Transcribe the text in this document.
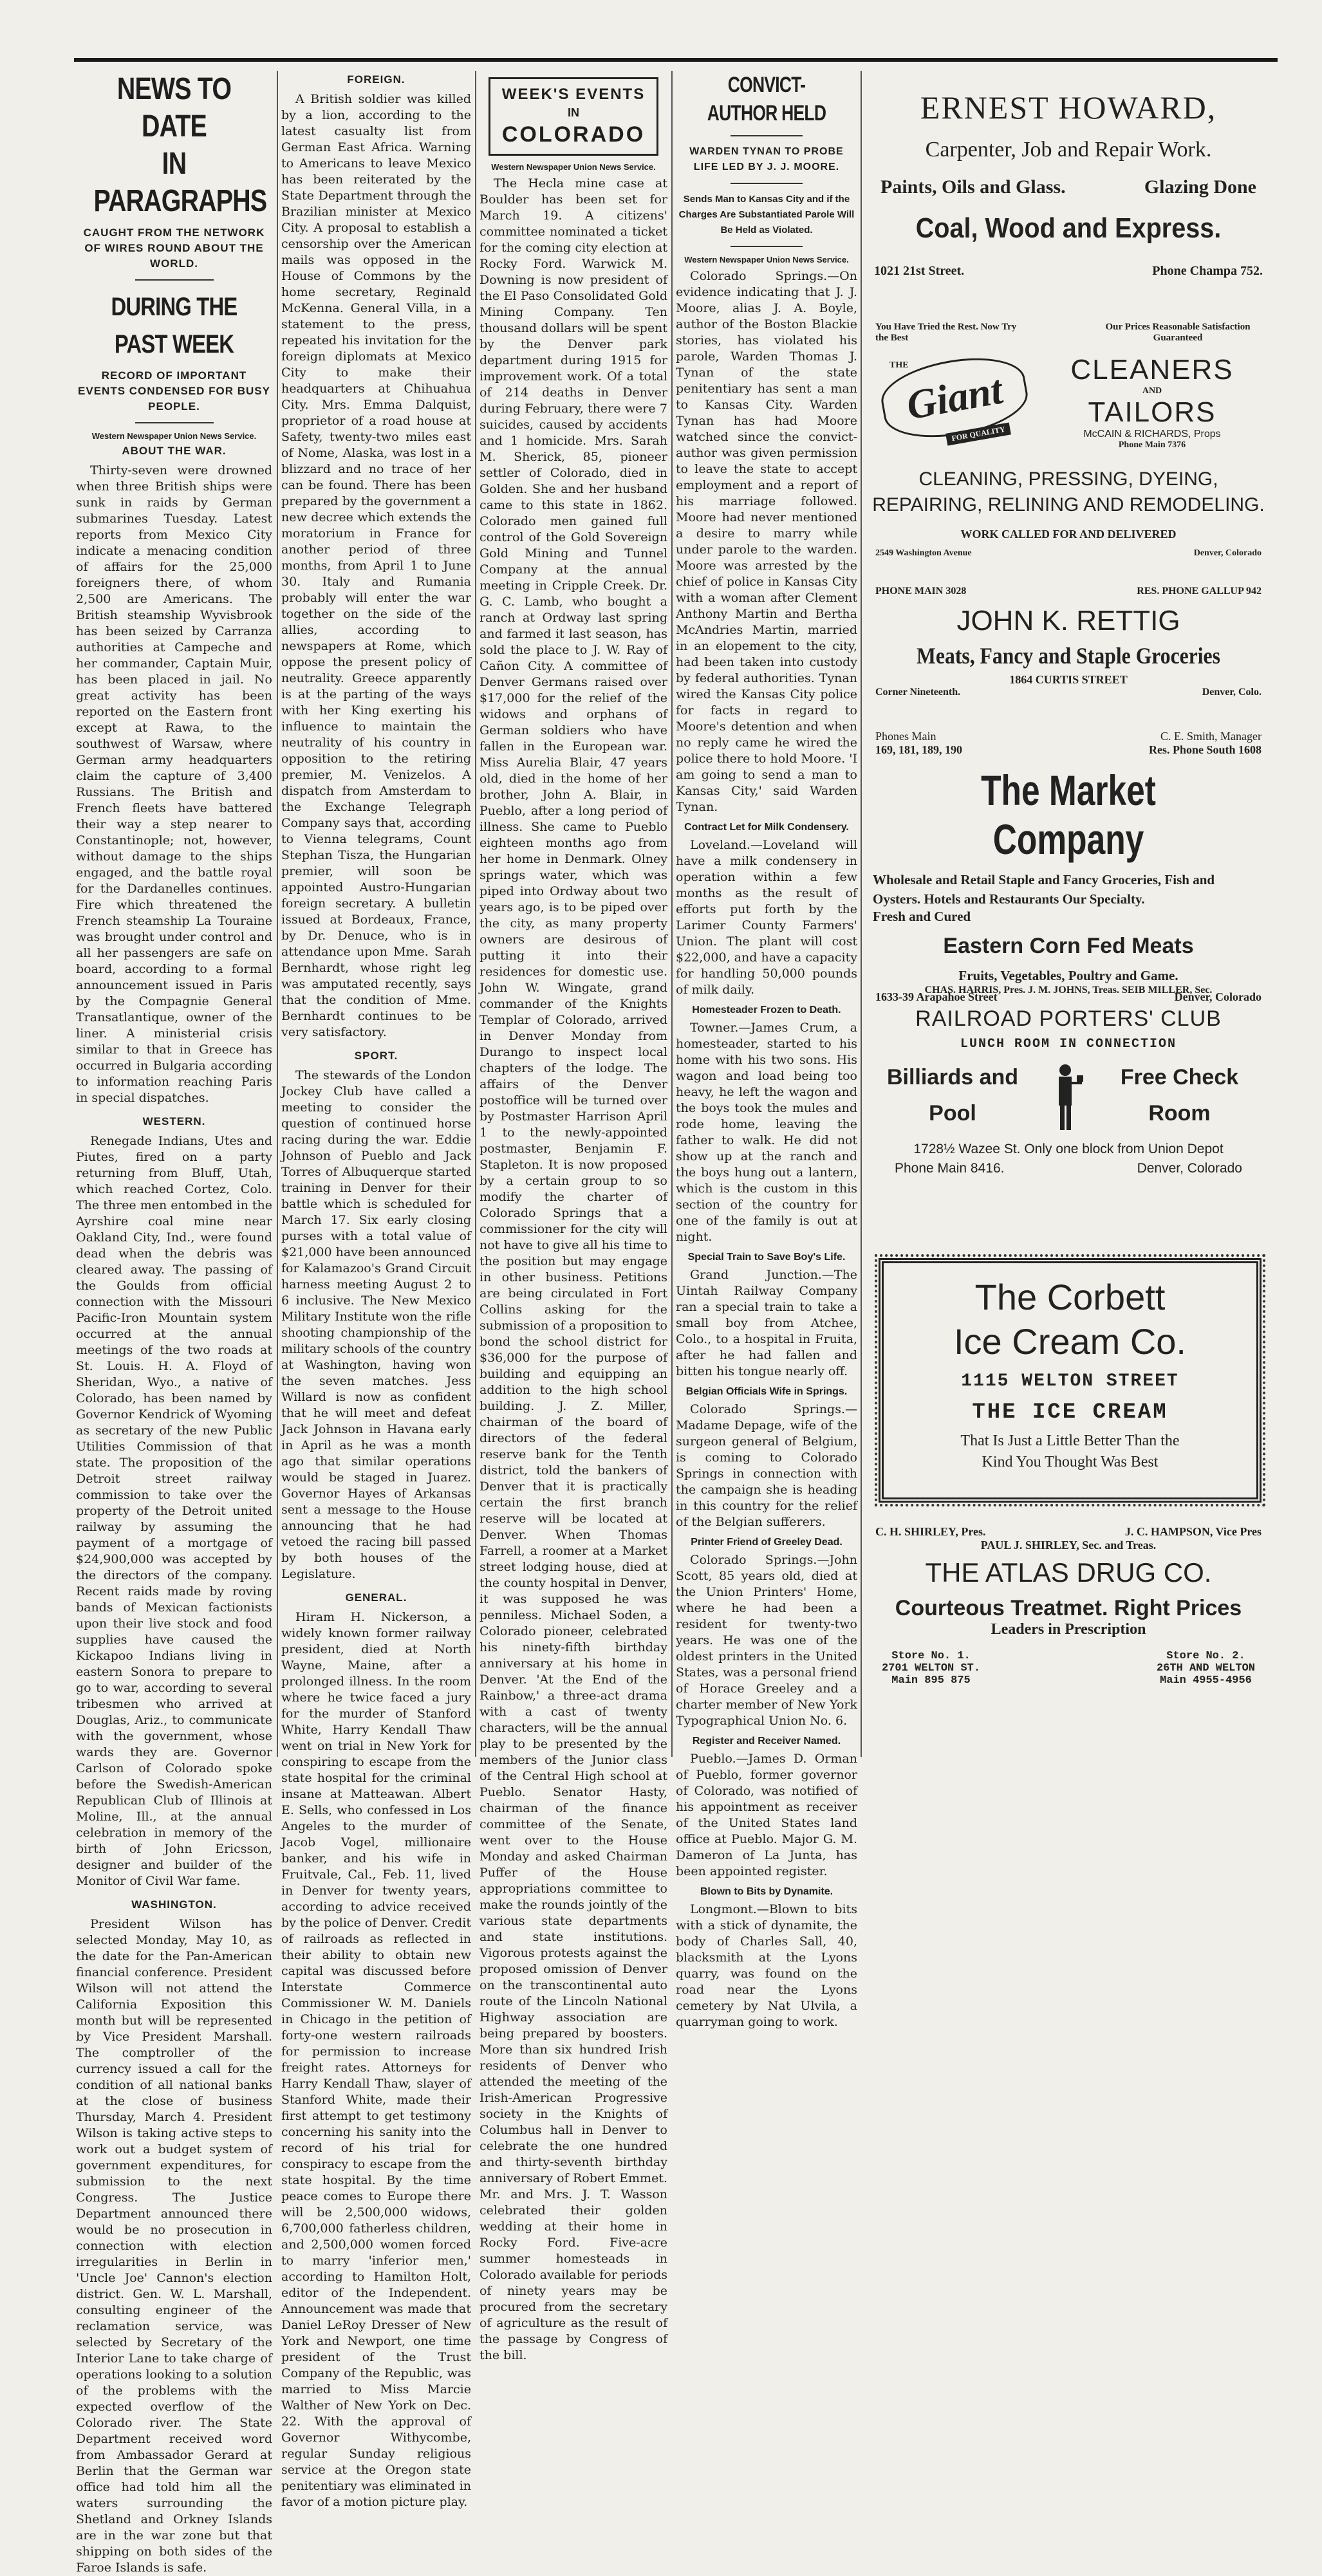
NEWS TO DATE
IN PARAGRAPHS
CAUGHT FROM THE NETWORK OF WIRES ROUND ABOUT THE WORLD.
DURING THE PAST WEEK
RECORD OF IMPORTANT EVENTS CONDENSED FOR BUSY PEOPLE.
Western Newspaper Union News Service.
ABOUT THE WAR.

Thirty-seven were drowned when three British ships were sunk in raids by German submarines Tuesday. Latest reports from Mexico City indicate a menacing condition of affairs for the 25,000 foreigners there, of whom 2,500 are Americans. The British steamship Wyvisbrook has been seized by Carranza authorities at Campeche and her commander, Captain Muir, has been placed in jail. No great activity has been reported on the Eastern front except at Rawa, to the southwest of Warsaw, where German army headquarters claim the capture of 3,400 Russians. The British and French fleets have battered their way a step nearer to Constantinople; not, however, without damage to the ships engaged, and the battle royal for the Dardanelles continues. Fire which threatened the French steamship La Touraine was brought under control and all her passengers are safe on board, according to a formal announcement issued in Paris by the Compagnie General Transatlantique, owner of the liner. A ministerial crisis similar to that in Greece has occurred in Bulgaria according to information reaching Paris in special dispatches.

WESTERN.

Renegade Indians, Utes and Piutes, fired on a party returning from Bluff, Utah, which reached Cortez, Colo. The three men entombed in the Ayrshire coal mine near Oakland City, Ind., were found dead when the debris was cleared away. The passing of the Goulds from official connection with the Missouri Pacific-Iron Mountain system occurred at the annual meetings of the two roads at St. Louis. H. A. Floyd of Sheridan, Wyo., a native of Colorado, has been named by Governor Kendrick of Wyoming as secretary of the new Public Utilities Commission of that state. The proposition of the Detroit street railway commission to take over the property of the Detroit united railway by assuming the payment of a mortgage of $24,900,000 was accepted by the directors of the company. Recent raids made by roving bands of Mexican factionists upon their live stock and food supplies have caused the Kickapoo Indians living in eastern Sonora to prepare to go to war, according to several tribesmen who arrived at Douglas, Ariz., to communicate with the government, whose wards they are. Governor Carlson of Colorado spoke before the Swedish-American Republican Club of Illinois at Moline, Ill., at the annual celebration in memory of the birth of John Ericsson, designer and builder of the Monitor of Civil War fame.

WASHINGTON.

President Wilson has selected Monday, May 10, as the date for the Pan-American financial conference. President Wilson will not attend the California Exposition this month but will be represented by Vice President Marshall. The comptroller of the currency issued a call for the condition of all national banks at the close of business Thursday, March 4. President Wilson is taking active steps to work out a budget system of government expenditures, for submission to the next Congress. The Justice Department announced there would be no prosecution in connection with election irregularities in Berlin in 'Uncle Joe' Cannon's election district. Gen. W. L. Marshall, consulting engineer of the reclamation service, was selected by Secretary of the Interior Lane to take charge of operations looking to a solution of the problems with the expected overflow of the Colorado river. The State Department received word from Ambassador Gerard at Berlin that the German war office had told him all the waters surrounding the Shetland and Orkney Islands are in the war zone but that shipping on both sides of the Faroe Islands is safe.

FOREIGN.

A British soldier was killed by a lion, according to the latest casualty list from German East Africa. Warning to Americans to leave Mexico has been reiterated by the State Department through the Brazilian minister at Mexico City. A proposal to establish a censorship over the American mails was opposed in the House of Commons by the home secretary, Reginald McKenna. General Villa, in a statement to the press, repeated his invitation for the foreign diplomats at Mexico City to make their headquarters at Chihuahua City. Mrs. Emma Dalquist, proprietor of a road house at Safety, twenty-two miles east of Nome, Alaska, was lost in a blizzard and no trace of her can be found. There has been prepared by the government a new decree which extends the moratorium in France for another period of three months, from April 1 to June 30. Italy and Rumania probably will enter the war together on the side of the allies, according to newspapers at Rome, which oppose the present policy of neutrality. Greece apparently is at the parting of the ways with her King exerting his influence to maintain the neutrality of his country in opposition to the retiring premier, M. Venizelos. A dispatch from Amsterdam to the Exchange Telegraph Company says that, according to Vienna telegrams, Count Stephan Tisza, the Hungarian premier, will soon be appointed Austro-Hungarian foreign secretary. A bulletin issued at Bordeaux, France, by Dr. Denuce, who is in attendance upon Mme. Sarah Bernhardt, whose right leg was amputated recently, says that the condition of Mme. Bernhardt continues to be very satisfactory.

SPORT.

The stewards of the London Jockey Club have called a meeting to consider the question of continued horse racing during the war. Eddie Johnson of Pueblo and Jack Torres of Albuquerque started training in Denver for their battle which is scheduled for March 17. Six early closing purses with a total value of $21,000 have been announced for Kalamazoo's Grand Circuit harness meeting August 2 to 6 inclusive. The New Mexico Military Institute won the rifle shooting championship of the military schools of the country at Washington, having won the seven matches. Jess Willard is now as confident that he will meet and defeat Jack Johnson in Havana early in April as he was a month ago that similar operations would be staged in Juarez. Governor Hayes of Arkansas sent a message to the House announcing that he had vetoed the racing bill passed by both houses of the Legislature.

GENERAL.

Hiram H. Nickerson, a widely known former railway president, died at North Wayne, Maine, after a prolonged illness. In the room where he twice faced a jury for the murder of Stanford White, Harry Kendall Thaw went on trial in New York for conspiring to escape from the state hospital for the criminal insane at Matteawan. Albert E. Sells, who confessed in Los Angeles to the murder of Jacob Vogel, millionaire banker, and his wife in Fruitvale, Cal., Feb. 11, lived in Denver for twenty years, according to advice received by the police of Denver. Credit of railroads as reflected in their ability to obtain new capital was discussed before Interstate Commerce Commissioner W. M. Daniels in Chicago in the petition of forty-one western railroads for permission to increase freight rates. Attorneys for Harry Kendall Thaw, slayer of Stanford White, made their first attempt to get testimony concerning his sanity into the record of his trial for conspiracy to escape from the state hospital. By the time peace comes to Europe there will be 2,500,000 widows, 6,700,000 fatherless children, and 2,500,000 women forced to marry 'inferior men,' according to Hamilton Holt, editor of the Independent. Announcement was made that Daniel LeRoy Dresser of New York and Newport, one time president of the Trust Company of the Republic, was married to Miss Marcie Walther of New York on Dec. 22. With the approval of Governor Withycombe, regular Sunday religious service at the Oregon state penitentiary was eliminated in favor of a motion picture play.

WEEK'S EVENTS
IN
COLORADO
Western Newspaper Union News Service.

The Hecla mine case at Boulder has been set for March 19. A citizens' committee nominated a ticket for the coming city election at Rocky Ford. Warwick M. Downing is now president of the El Paso Consolidated Gold Mining Company. Ten thousand dollars will be spent by the Denver park department during 1915 for improvement work. Of a total of 214 deaths in Denver during February, there were 7 suicides, caused by accidents and 1 homicide. Mrs. Sarah M. Sherick, 85, pioneer settler of Colorado, died in Golden. She and her husband came to this state in 1862. Colorado men gained full control of the Gold Sovereign Gold Mining and Tunnel Company at the annual meeting in Cripple Creek. Dr. G. C. Lamb, who bought a ranch at Ordway last spring and farmed it last season, has sold the place to J. W. Ray of Cañon City. A committee of Denver Germans raised over $17,000 for the relief of the widows and orphans of German soldiers who have fallen in the European war. Miss Aurelia Blair, 47 years old, died in the home of her brother, John A. Blair, in Pueblo, after a long period of illness. She came to Pueblo eighteen months ago from her home in Denmark. Olney springs water, which was piped into Ordway about two years ago, is to be piped over the city, as many property owners are desirous of putting it into their residences for domestic use. John W. Wingate, grand commander of the Knights Templar of Colorado, arrived in Denver Monday from Durango to inspect local chapters of the lodge. The affairs of the Denver postoffice will be turned over by Postmaster Harrison April 1 to the newly-appointed postmaster, Benjamin F. Stapleton. It is now proposed by a certain group to so modify the charter of Colorado Springs that a commissioner for the city will not have to give all his time to the position but may engage in other business. Petitions are being circulated in Fort Collins asking for the submission of a proposition to bond the school district for $36,000 for the purpose of building and equipping an addition to the high school building. J. Z. Miller, chairman of the board of directors of the federal reserve bank for the Tenth district, told the bankers of Denver that it is practically certain the first branch reserve will be located at Denver. When Thomas Farrell, a roomer at a Market street lodging house, died at the county hospital in Denver, it was supposed he was penniless. Michael Soden, a Colorado pioneer, celebrated his ninety-fifth birthday anniversary at his home in Denver. 'At the End of the Rainbow,' a three-act drama with a cast of twenty characters, will be the annual play to be presented by the members of the Junior class of the Central High school at Pueblo. Senator Hasty, chairman of the finance committee of the Senate, went over to the House Monday and asked Chairman Puffer of the House appropriations committee to make the rounds jointly of the various state departments and state institutions. Vigorous protests against the proposed omission of Denver on the transcontinental auto route of the Lincoln National Highway association are being prepared by boosters. More than six hundred Irish residents of Denver who attended the meeting of the Irish-American Progressive society in the Knights of Columbus hall in Denver to celebrate the one hundred and thirty-seventh birthday anniversary of Robert Emmet. Mr. and Mrs. J. T. Wasson celebrated their golden wedding at their home in Rocky Ford. Five-acre summer homesteads in Colorado available for periods of ninety years may be procured from the secretary of agriculture as the result of the passage by Congress of the bill.

CONVICT-AUTHOR HELD
WARDEN TYNAN TO PROBE LIFE LED BY J. J. MOORE.
Sends Man to Kansas City and if the Charges Are Substantiated Parole Will Be Held as Violated.
Western Newspaper Union News Service.

Colorado Springs.—On evidence indicating that J. J. Moore, alias J. A. Boyle, author of the Boston Blackie stories, has violated his parole, Warden Thomas J. Tynan of the state penitentiary has sent a man to Kansas City. Warden Tynan has had Moore watched since the convict-author was given permission to leave the state to accept employment and a report of his marriage followed. Moore had never mentioned a desire to marry while under parole to the warden. Moore was arrested by the chief of police in Kansas City with a woman after Clement Anthony Martin and Bertha McAndries Martin, married in an elopement to the city, had been taken into custody by federal authorities. Tynan wired the Kansas City police for facts in regard to Moore's detention and when no reply came he wired the police there to hold Moore. 'I am going to send a man to Kansas City,' said Warden Tynan.

Contract Let for Milk Condensery.

Loveland.—Loveland will have a milk condensery in operation within a few months as the result of efforts put forth by the Larimer County Farmers' Union. The plant will cost $22,000, and have a capacity for handling 50,000 pounds of milk daily.

Homesteader Frozen to Death.

Towner.—James Crum, a homesteader, started to his home with his two sons. His wagon and load being too heavy, he left the wagon and the boys took the mules and rode home, leaving the father to walk. He did not show up at the ranch and the boys hung out a lantern, which is the custom in this section of the country for one of the family is out at night.

Special Train to Save Boy's Life.

Grand Junction.—The Uintah Railway Company ran a special train to take a small boy from Atchee, Colo., to a hospital in Fruita, after he had fallen and bitten his tongue nearly off.

Belgian Officials Wife in Springs.

Colorado Springs.—Madame Depage, wife of the surgeon general of Belgium, is coming to Colorado Springs in connection with the campaign she is heading in this country for the relief of the Belgian sufferers.

Printer Friend of Greeley Dead.

Colorado Springs.—John Scott, 85 years old, died at the Union Printers' Home, where he had been a resident for twenty-two years. He was one of the oldest printers in the United States, was a personal friend of Horace Greeley and a charter member of New York Typographical Union No. 6.

Register and Receiver Named.

Pueblo.—James D. Orman of Pueblo, former governor of Colorado, was notified of his appointment as receiver of the United States land office at Pueblo. Major G. M. Dameron of La Junta, has been appointed register.

Blown to Bits by Dynamite.

Longmont.—Blown to bits with a stick of dynamite, the body of Charles Sall, 40, blacksmith at the Lyons quarry, was found on the road near the Lyons cemetery by Nat Ulvila, a quarryman going to work.

ERNEST HOWARD,
Carpenter, Job and Repair Work.
Paints, Oils and Glass.	Glazing Done
Coal, Wood and Express.
1021 21st Street.	Phone Champa 752.
You Have Tried the Rest. Now Try the Best
Our Prices Reasonable Satisfaction Guaranteed
Giant
THE
FOR QUALITY
CLEANERS
AND
TAILORS
McCAIN & RICHARDS, Props
Phone Main 7376
CLEANING, PRESSING, DYEING, REPAIRING, RELINING AND REMODELING.
WORK CALLED FOR AND DELIVERED
2549 Washington Avenue	Denver, Colorado
PHONE MAIN 3028	RES. PHONE GALLUP 942
JOHN K. RETTIG
Meats, Fancy and Staple Groceries
1864 CURTIS STREET
Corner Nineteenth.	Denver, Colo.
Phones Main	C. E. Smith, Manager
169, 181, 189, 190	Res. Phone South 1608
The Market Company
Wholesale and Retail Staple and Fancy Groceries, Fish and Oysters. Hotels and Restaurants Our Specialty.
Fresh and Cured
Eastern Corn Fed Meats
Fruits, Vegetables, Poultry and Game.
1633-39 Arapahoe Street	Denver, Colorado
CHAS. HARRIS, Pres. J. M. JOHNS, Treas. SEIB MILLER, Sec.
RAILROAD PORTERS' CLUB
LUNCH ROOM IN CONNECTION
Billiards and
Pool
Free Check
Room
1728½ Wazee St. Only one block from Union Depot
Phone Main 8416.	Denver, Colorado
The Corbett
Ice Cream Co.
1115 WELTON STREET
THE ICE CREAM
That Is Just a Little Better Than the
Kind You Thought Was Best
C. H. SHIRLEY, Pres.	J. C. HAMPSON, Vice Pres
PAUL J. SHIRLEY, Sec. and Treas.
THE ATLAS DRUG CO.
Courteous Treatmet. Right Prices
Leaders in Prescription
Store No. 1.
2701 WELTON ST.
Main 895 875
Store No. 2.
26TH AND WELTON
Main 4955-4956
